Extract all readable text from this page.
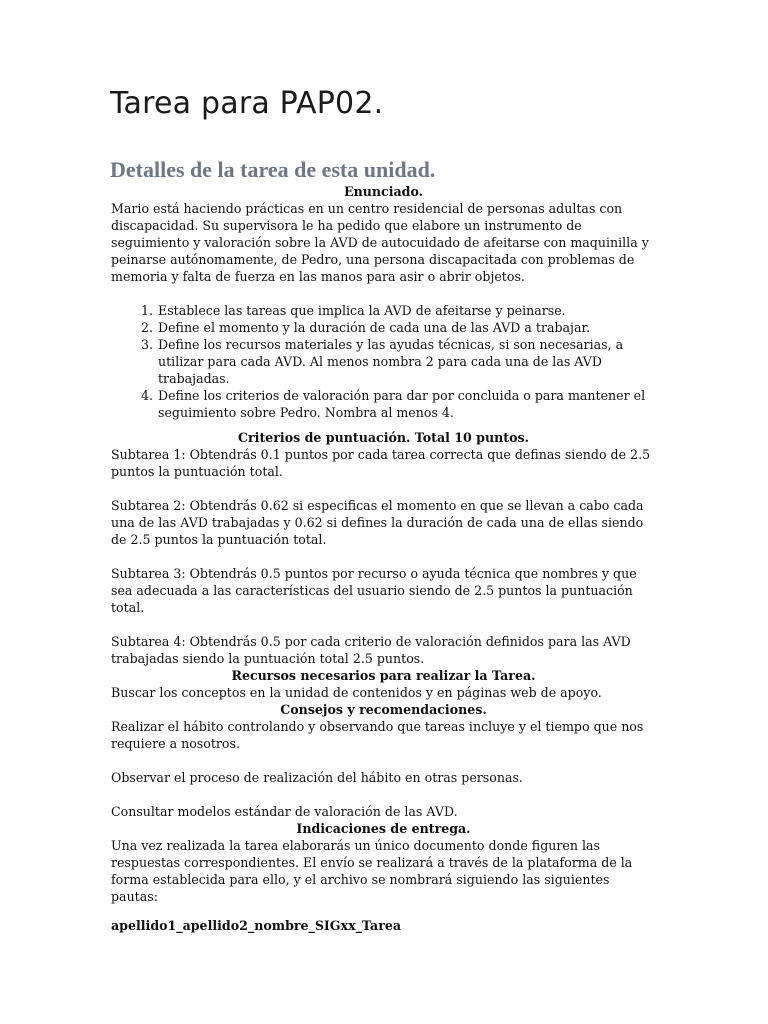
Tarea para PAP02.
Detalles de la tarea de esta unidad.

Enunciado.

Mario está haciendo prácticas en un centro residencial de personas adultas con discapacidad. Su supervisora le ha pedido que elabore un instrumento de seguimiento y valoración sobre la AVD de autocuidado de afeitarse con maquinilla y peinarse autónomamente, de Pedro, una persona discapacitada con problemas de memoria y falta de fuerza en las manos para asir o abrir objetos.

1. Establece las tareas que implica la AVD de afeitarse y peinarse.
2. Define el momento y la duración de cada una de las AVD a trabajar.
3. Define los recursos materiales y las ayudas técnicas, si son necesarias, a utilizar para cada AVD. Al menos nombra 2 para cada una de las AVD trabajadas.
4. Define los criterios de valoración para dar por concluida o para mantener el seguimiento sobre Pedro. Nombra al menos 4.

Criterios de puntuación. Total 10 puntos.

Subtarea 1: Obtendrás 0.1 puntos por cada tarea correcta que definas siendo de 2.5 puntos la puntuación total.

Subtarea 2: Obtendrás 0.62 si especificas el momento en que se llevan a cabo cada una de las AVD trabajadas y 0.62 si defines la duración de cada una de ellas siendo de 2.5 puntos la puntuación total.

Subtarea 3: Obtendrás 0.5 puntos por recurso o ayuda técnica que nombres y que sea adecuada a las características del usuario siendo de 2.5 puntos la puntuación total.

Subtarea 4: Obtendrás 0.5 por cada criterio de valoración definidos para las AVD trabajadas siendo la puntuación total 2.5 puntos.

Recursos necesarios para realizar la Tarea.

Buscar los conceptos en la unidad de contenidos y en páginas web de apoyo.

Consejos y recomendaciones.

Realizar el hábito controlando y observando que tareas incluye y el tiempo que nos requiere a nosotros.

Observar el proceso de realización del hábito en otras personas.

Consultar modelos estándar de valoración de las AVD.

Indicaciones de entrega.

Una vez realizada la tarea elaborarás un único documento donde figuren las respuestas correspondientes. El envío se realizará a través de la plataforma de la forma establecida para ello, y el archivo se nombrará siguiendo las siguientes pautas:

apellido1_apellido2_nombre_SIGxx_Tarea
